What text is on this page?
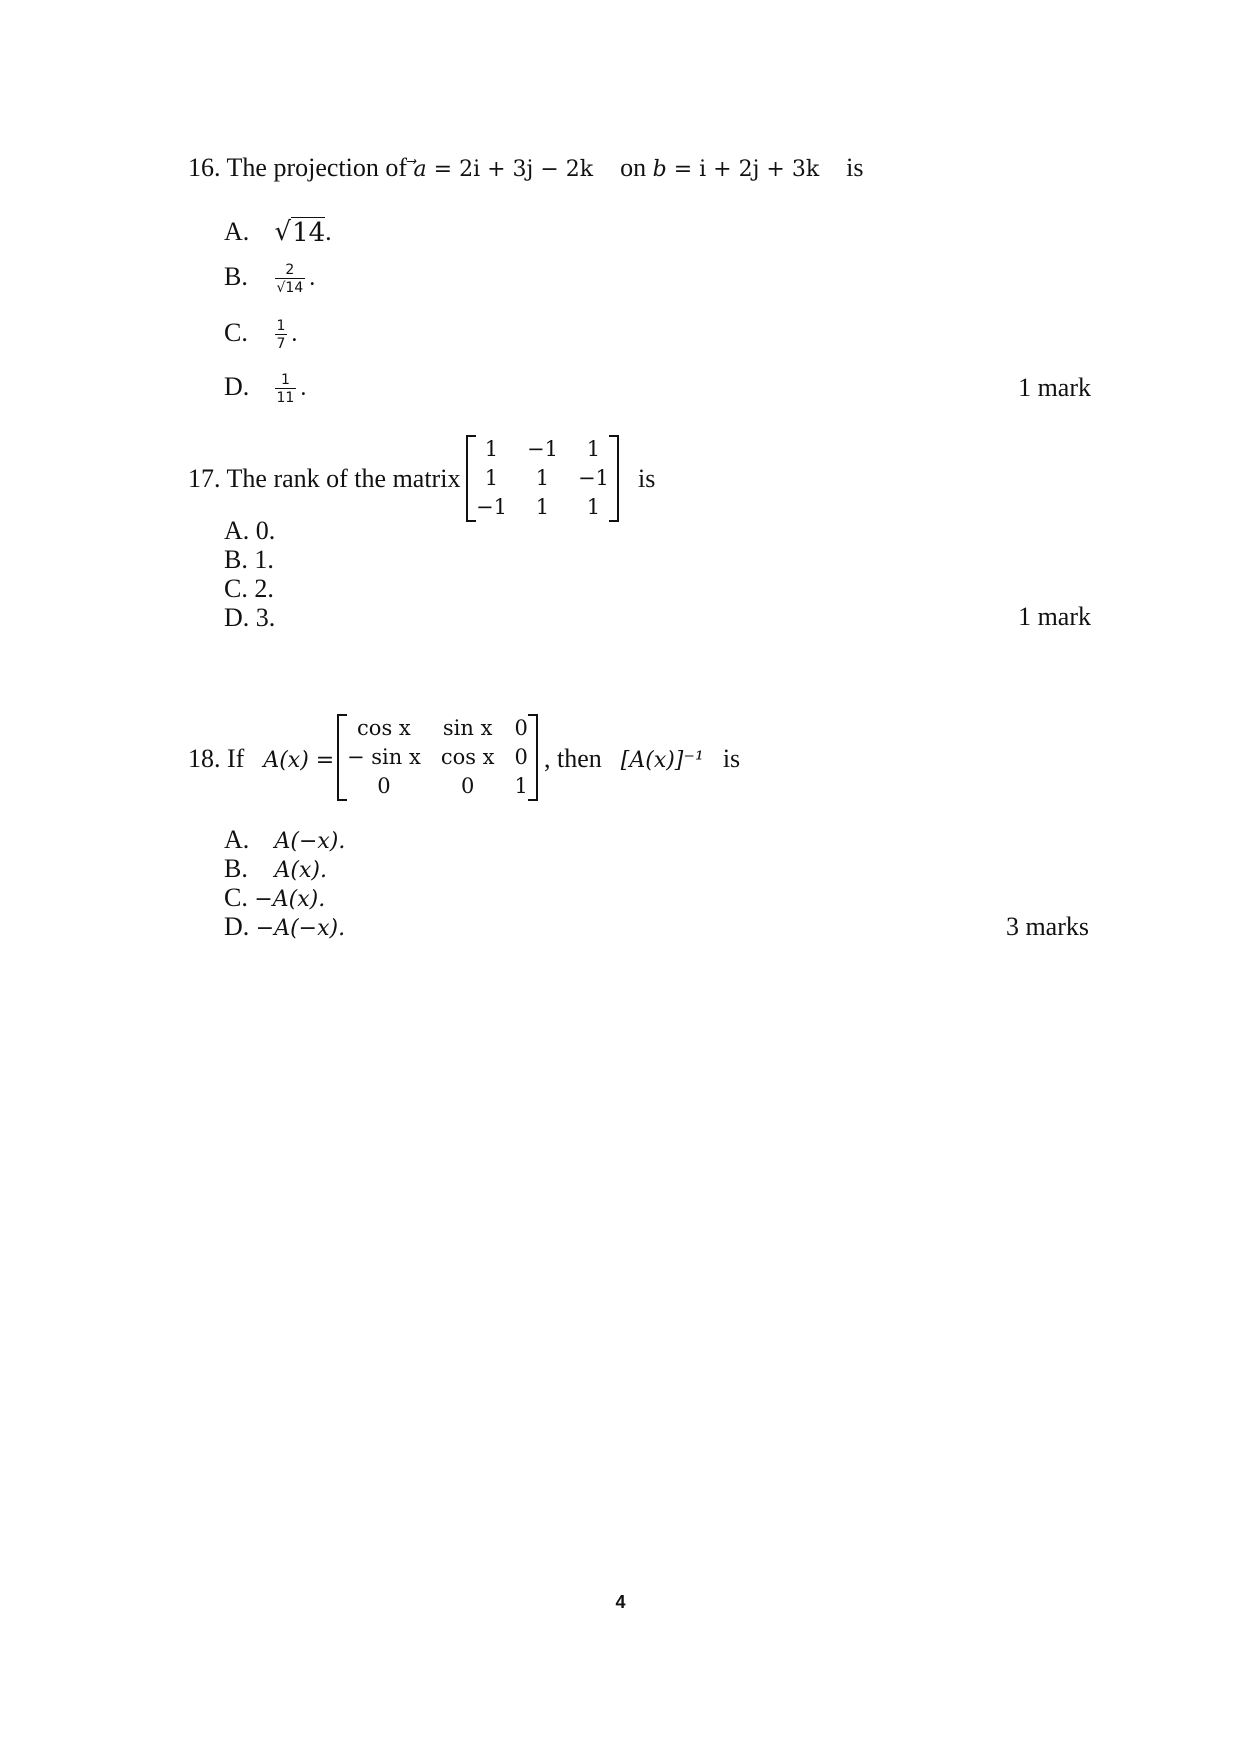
16. The projection of a = 2i + 3j − 2k on b = i + 2j + 3k is
A. √ 14 .
B. $\frac{2}{√14}$ .
C. $\frac{1}{7}$ .
D. $\frac{1}{11}$ .	1 mark
17. The rank of the matrix
1	−1	1
1	1	−1
−1	1	1
is
A. 0.
B. 1.
C. 2.
D. 3.	1 mark
18. If A(x) =
cos x	sin x	0
− sin x	cos x	0
0	0	1
, then [A(x)]⁻¹ is
A. A(−x).
B. A(x).
C. −A(x).
D. −A(−x).	3 marks
4
